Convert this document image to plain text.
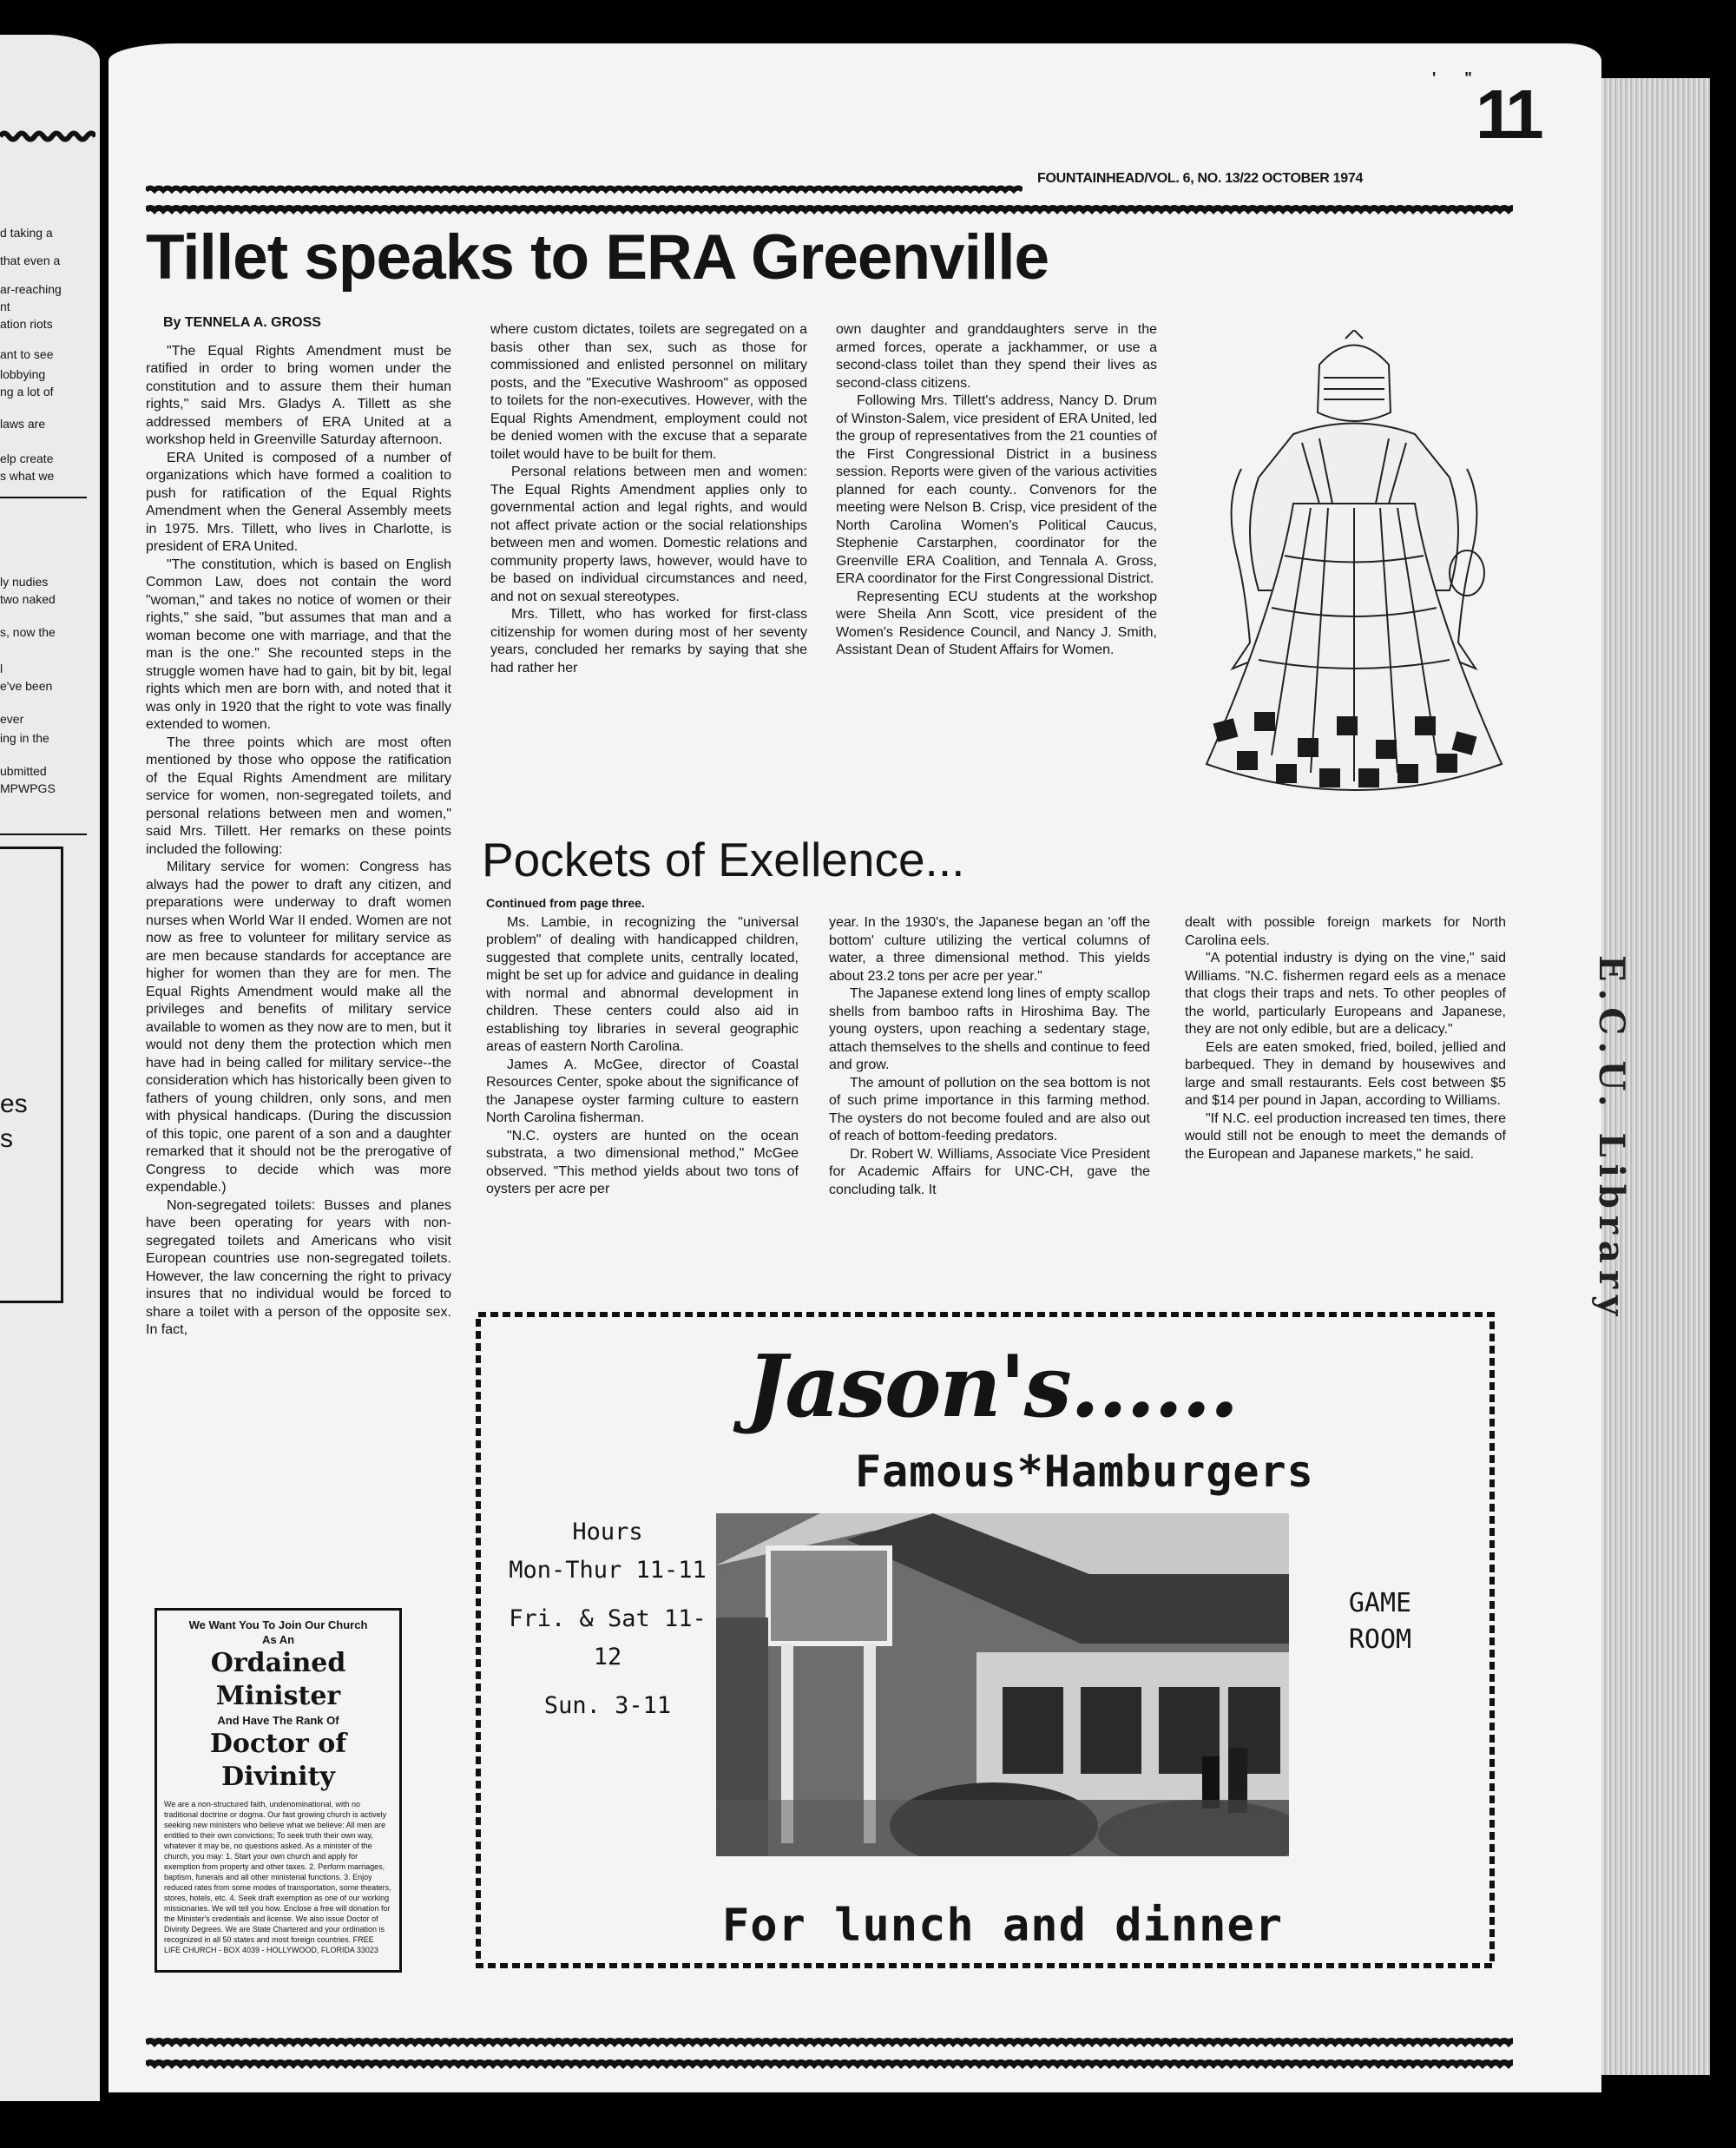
d taking a
that even a
ar-reaching
nt
ation riots
ant to see
lobbying
ng a lot of
laws are
elp create
s what we
ly nudies
two naked
s, now the
l
e've been
ever
ing in the
ubmitted
MPWPGS
es
s
' "
11
FOUNTAINHEAD/VOL. 6, NO. 13/22 OCTOBER 1974
Tillet speaks to ERA Greenville

By TENNELA A. GROSS

"The Equal Rights Amendment must be ratified in order to bring women under the constitution and to assure them their human rights," said Mrs. Gladys A. Tillett as she addressed members of ERA United at a workshop held in Greenville Saturday afternoon.

ERA United is composed of a number of organizations which have formed a coalition to push for ratification of the Equal Rights Amendment when the General Assembly meets in 1975. Mrs. Tillett, who lives in Charlotte, is president of ERA United.

"The constitution, which is based on English Common Law, does not contain the word "woman," and takes no notice of women or their rights," she said, "but assumes that man and a woman become one with marriage, and that the man is the one." She recounted steps in the struggle women have had to gain, bit by bit, legal rights which men are born with, and noted that it was only in 1920 that the right to vote was finally extended to women.

The three points which are most often mentioned by those who oppose the ratification of the Equal Rights Amendment are military service for women, non-segregated toilets, and personal relations between men and women," said Mrs. Tillett. Her remarks on these points included the following:

Military service for women: Congress has always had the power to draft any citizen, and preparations were underway to draft women nurses when World War II ended. Women are not now as free to volunteer for military service as are men because standards for acceptance are higher for women than they are for men. The Equal Rights Amendment would make all the privileges and benefits of military service available to women as they now are to men, but it would not deny them the protection which men have had in being called for military service--the consideration which has historically been given to fathers of young children, only sons, and men with physical handicaps. (During the discussion of this topic, one parent of a son and a daughter remarked that it should not be the prerogative of Congress to decide which was more expendable.)

Non-segregated toilets: Busses and planes have been operating for years with non-segregated toilets and Americans who visit European countries use non-segregated toilets. However, the law concerning the right to privacy insures that no individual would be forced to share a toilet with a person of the opposite sex. In fact,

where custom dictates, toilets are segregated on a basis other than sex, such as those for commissioned and enlisted personnel on military posts, and the "Executive Washroom" as opposed to toilets for the non-executives. However, with the Equal Rights Amendment, employment could not be denied women with the excuse that a separate toilet would have to be built for them.

Personal relations between men and women: The Equal Rights Amendment applies only to governmental action and legal rights, and would not affect private action or the social relationships between men and women. Domestic relations and community property laws, however, would have to be based on individual circumstances and need, and not on sexual stereotypes.

Mrs. Tillett, who has worked for first-class citizenship for women during most of her seventy years, concluded her remarks by saying that she had rather her

own daughter and granddaughters serve in the armed forces, operate a jackhammer, or use a second-class toilet than they spend their lives as second-class citizens.

Following Mrs. Tillett's address, Nancy D. Drum of Winston-Salem, vice president of ERA United, led the group of representatives from the 21 counties of the First Congressional District in a business session. Reports were given of the various activities planned for each county.. Convenors for the meeting were Nelson B. Crisp, vice president of the North Carolina Women's Political Caucus, Stephenie Carstarphen, coordinator for the Greenville ERA Coalition, and Tennala A. Gross, ERA coordinator for the First Congressional District.

Representing ECU students at the workshop were Sheila Ann Scott, vice president of the Women's Residence Council, and Nancy J. Smith, Assistant Dean of Student Affairs for Women.

Pockets of Exellence...
Continued from page three.

Ms. Lambie, in recognizing the "universal problem" of dealing with handicapped children, suggested that complete units, centrally located, might be set up for advice and guidance in dealing with normal and abnormal development in children. These centers could also aid in establishing toy libraries in several geographic areas of eastern North Carolina.

James A. McGee, director of Coastal Resources Center, spoke about the significance of the Janapese oyster farming culture to eastern North Carolina fisherman.

"N.C. oysters are hunted on the ocean substrata, a two dimensional method," McGee observed. "This method yields about two tons of oysters per acre per

year. In the 1930's, the Japanese began an 'off the bottom' culture utilizing the vertical columns of water, a three dimensional method. This yields about 23.2 tons per acre per year."

The Japanese extend long lines of empty scallop shells from bamboo rafts in Hiroshima Bay. The young oysters, upon reaching a sedentary stage, attach themselves to the shells and continue to feed and grow.

The amount of pollution on the sea bottom is not of such prime importance in this farming method. The oysters do not become fouled and are also out of reach of bottom-feeding predators.

Dr. Robert W. Williams, Associate Vice President for Academic Affairs for UNC-CH, gave the concluding talk. It

dealt with possible foreign markets for North Carolina eels.

"A potential industry is dying on the vine," said Williams. "N.C. fishermen regard eels as a menace that clogs their traps and nets. To other peoples of the world, particularly Europeans and Japanese, they are not only edible, but are a delicacy."

Eels are eaten smoked, fried, boiled, jellied and barbequed. They in demand by housewives and large and small restaurants. Eels cost between $5 and $14 per pound in Japan, according to Williams.

"If N.C. eel production increased ten times, there would still not be enough to meet the demands of the European and Japanese markets," he said.

We Want You To Join Our Church
As An
Ordained Minister
And Have The Rank Of
Doctor of Divinity
We are a non-structured faith, undenominational, with no traditional doctrine or dogma. Our fast growing church is actively seeking new ministers who believe what we believe: All men are entitled to their own convictions; To seek truth their own way, whatever it may be, no questions asked. As a minister of the church, you may: 1. Start your own church and apply for exemption from property and other taxes. 2. Perform marriages, baptism, funerals and all other ministerial functions. 3. Enjoy reduced rates from some modes of transportation, some theaters, stores, hotels, etc. 4. Seek draft exemption as one of our working missionaries. We will tell you how. Enclose a free will donation for the Minister's credentials and license. We also issue Doctor of Divinity Degrees. We are State Chartered and your ordination is recognized in all 50 states and most foreign countries. FREE LIFE CHURCH - BOX 4039 - HOLLYWOOD, FLORIDA 33023
Jason's......
Famous*Hamburgers
Hours
Mon-Thur 11-11
Fri. & Sat 11-12
Sun. 3-11
GAME
ROOM
For lunch and dinner
E.C.U. Library
